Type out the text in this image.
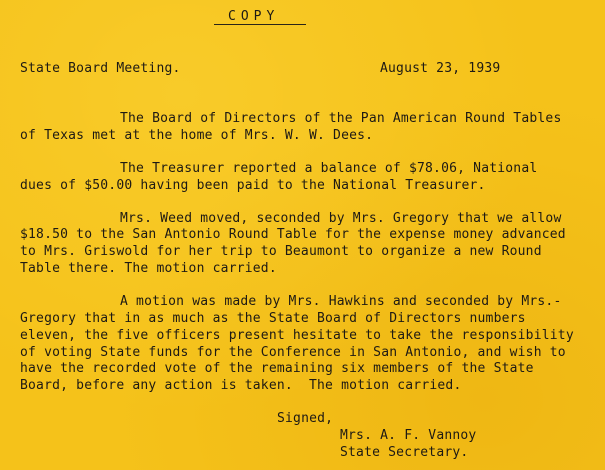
COPY
State Board Meeting.	August 23, 1939
The Board of Directors of the Pan American Round Tables
of Texas met at the home of Mrs. W. W. Dees.
The Treasurer reported a balance of $78.06, National
dues of $50.00 having been paid to the National Treasurer.
Mrs. Weed moved, seconded by Mrs. Gregory that we allow
$18.50 to the San Antonio Round Table for the expense money advanced
to Mrs. Griswold for her trip to Beaumont to organize a new Round
Table there. The motion carried.
A motion was made by Mrs. Hawkins and seconded by Mrs.-
Gregory that in as much as the State Board of Directors numbers
eleven, the five officers present hesitate to take the responsibility
of voting State funds for the Conference in San Antonio, and wish to
have the recorded vote of the remaining six members of the State
Board, before any action is taken.  The motion carried.
Signed,
Mrs. A. F. Vannoy
State Secretary.
